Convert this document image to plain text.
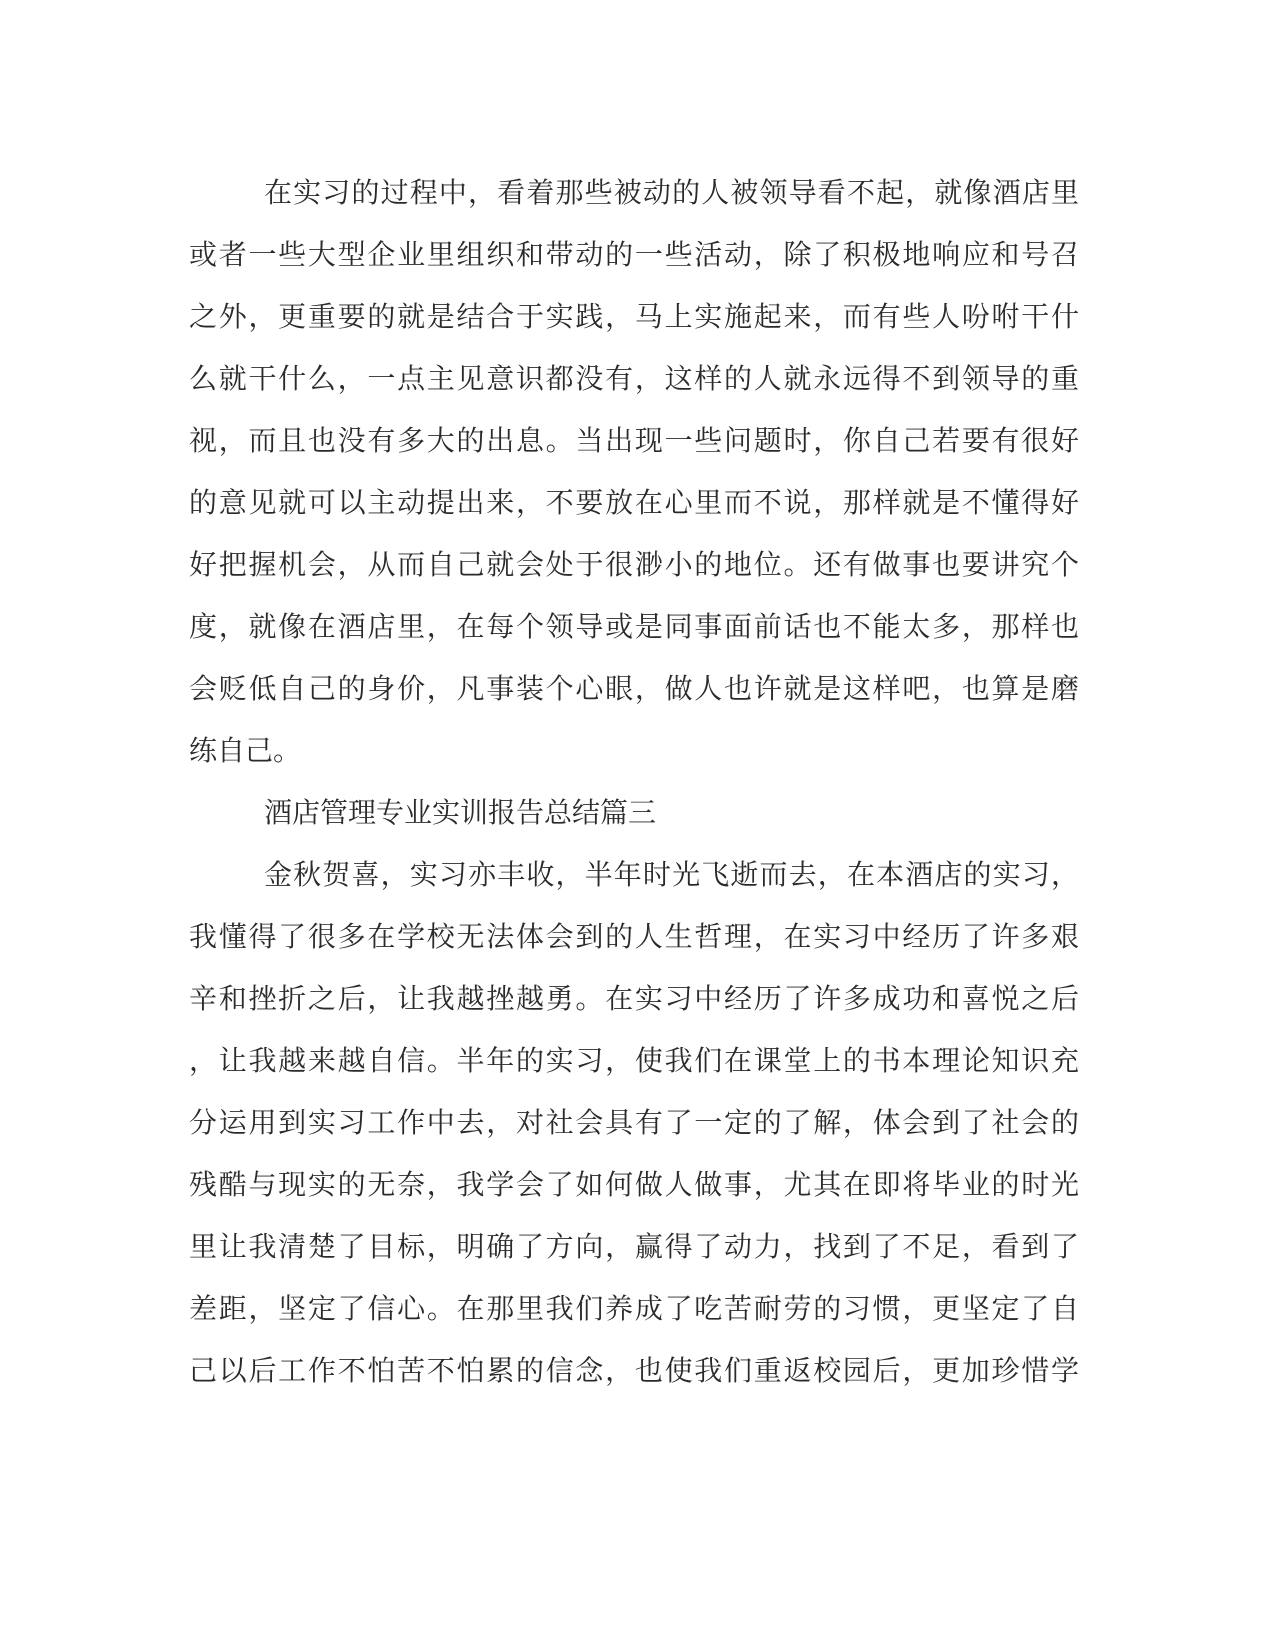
在实习的过程中，看着那些被动的人被领导看不起，就像酒店里
或者一些大型企业里组织和带动的一些活动，除了积极地响应和号召
之外，更重要的就是结合于实践，马上实施起来，而有些人吩咐干什
么就干什么，一点主见意识都没有，这样的人就永远得不到领导的重
视，而且也没有多大的出息。当出现一些问题时，你自己若要有很好
的意见就可以主动提出来，不要放在心里而不说，那样就是不懂得好
好把握机会，从而自己就会处于很渺小的地位。还有做事也要讲究个
度，就像在酒店里，在每个领导或是同事面前话也不能太多，那样也
会贬低自己的身价，凡事装个心眼，做人也许就是这样吧，也算是磨
练自己。
酒店管理专业实训报告总结篇三
金秋贺喜，实习亦丰收，半年时光飞逝而去，在本酒店的实习，
我懂得了很多在学校无法体会到的人生哲理，在实习中经历了许多艰
辛和挫折之后，让我越挫越勇。在实习中经历了许多成功和喜悦之后
，让我越来越自信。半年的实习，使我们在课堂上的书本理论知识充
分运用到实习工作中去，对社会具有了一定的了解，体会到了社会的
残酷与现实的无奈，我学会了如何做人做事，尤其在即将毕业的时光
里让我清楚了目标，明确了方向，赢得了动力，找到了不足，看到了
差距，坚定了信心。在那里我们养成了吃苦耐劳的习惯，更坚定了自
己以后工作不怕苦不怕累的信念，也使我们重返校园后，更加珍惜学
